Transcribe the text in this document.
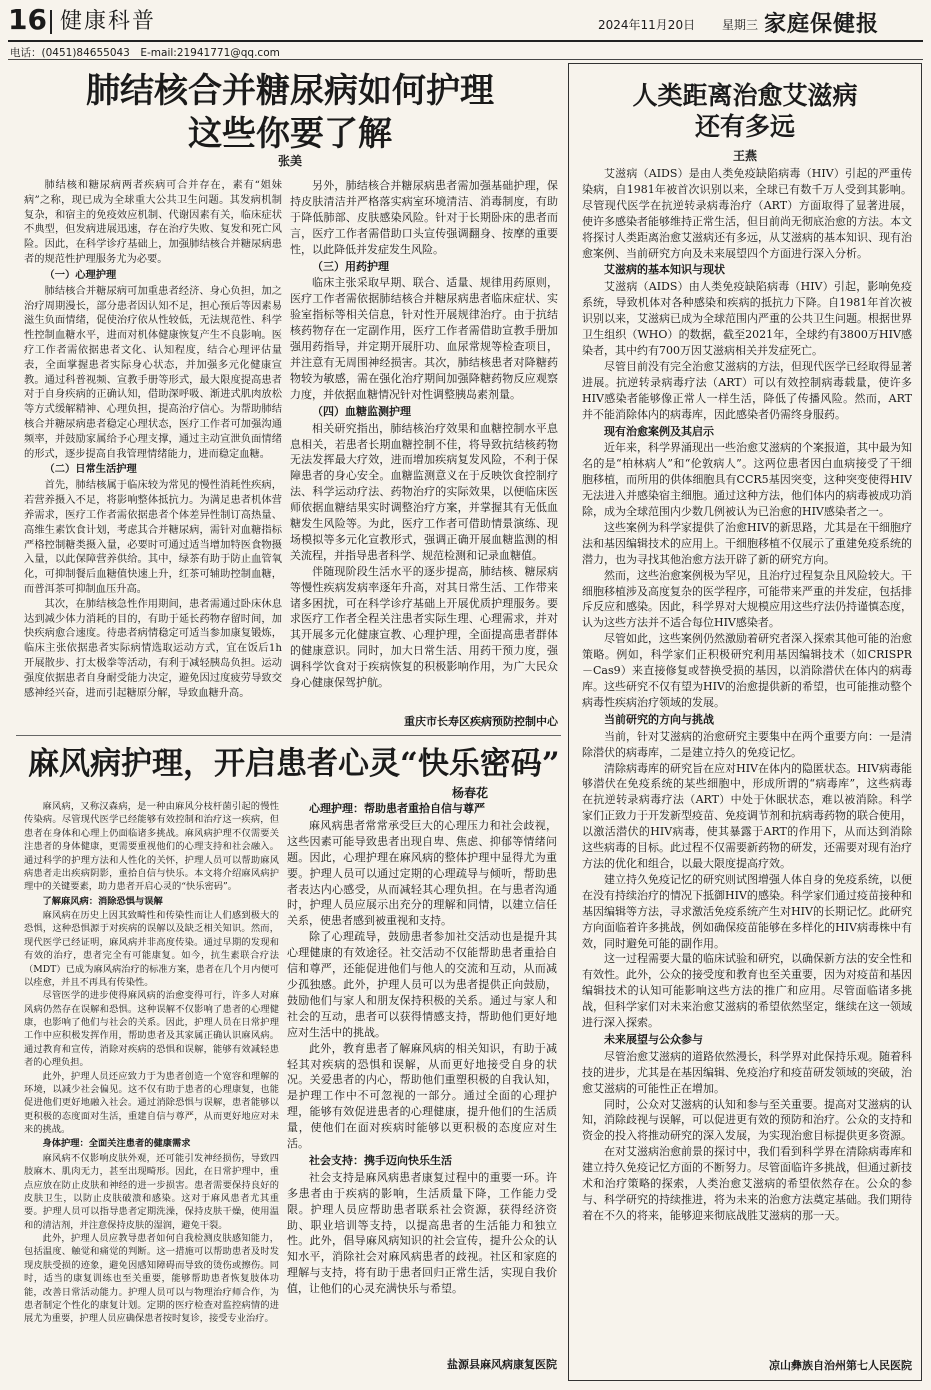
16 健康科普	2024年11月20日 星期三 家庭保健报
电话：(0451)84655043　E-mail:21941771@qq.com
肺结核合并糖尿病如何护理
这些你要了解
张美

肺结核和糖尿病两者疾病可合并存在，素有“姐妹病”之称，现已成为全球重大公共卫生问题。其发病机制复杂，和宿主的免疫效应机制、代谢因素有关，临床症状不典型，但发病进展迅速，存在治疗失败、复发和死亡风险。因此，在科学诊疗基础上，加强肺结核合并糖尿病患者的规范性护理服务尤为必要。

（一）心理护理

肺结核合并糖尿病可加重患者经济、身心负担，加之治疗周期漫长，部分患者因认知不足，担心预后等因素易滋生负面情绪，促使治疗依从性较低，无法规范性、科学性控制血糖水平，进而对机体健康恢复产生不良影响。医疗工作者需依据患者文化、认知程度，结合心理评估量表，全面掌握患者实际身心状态，并加强多元化健康宣教。通过科普视频、宣教手册等形式，最大限度提高患者对于自身疾病的正确认知，借助深呼吸、渐进式肌肉放松等方式缓解精神、心理负担，提高治疗信心。为帮助肺结核合并糖尿病患者稳定心理状态，医疗工作者可加强沟通频率，并鼓励家属给予心理支撑，通过主动宣泄负面情绪的形式，逐步提高自我管理情绪能力，进而稳定血糖。

（二）日常生活护理

首先，肺结核属于临床较为常见的慢性消耗性疾病，若营养摄入不足，将影响整体抵抗力。为满足患者机体营养需求，医疗工作者需依据患者个体差异性制订高热量、高维生素饮食计划，考虑其合并糖尿病，需针对血糖指标严格控制糖类摄入量，必要时可通过适当增加特医食物摄入量，以此保障营养供给。其中，绿茶有助于防止血管氧化，可抑制餐后血糖值快速上升，红茶可辅助控制血糖，而普洱茶可抑制血压升高。

其次，在肺结核急性作用期间，患者需通过卧床休息达到减少体力消耗的目的，有助于延长药物存留时间，加快疾病愈合速度。待患者病情稳定可适当参加康复锻炼，临床主张依据患者实际病情选取运动方式，宜在饭后1h开展散步、打太极拳等活动，有利于减轻胰岛负担。运动强度依据患者自身耐受能力决定，避免因过度疲劳导致交感神经兴奋，进而引起糖原分解，导致血糖升高。

另外，肺结核合并糖尿病患者需加强基础护理，保持皮肤清洁并严格落实病室环境清洁、消毒制度，有助于降低肺部、皮肤感染风险。针对于长期卧床的患者而言，医疗工作者需借助口头宣传强调翻身、按摩的重要性，以此降低并发症发生风险。

（三）用药护理

临床主张采取早期、联合、适量、规律用药原则，医疗工作者需依据肺结核合并糖尿病患者临床症状、实验室指标等相关信息，针对性开展规律治疗。由于抗结核药物存在一定副作用，医疗工作者需借助宣教手册加强用药指导，并定期开展肝功、血尿常规等检查项目，并注意有无周围神经损害。其次，肺结核患者对降糖药物较为敏感，需在强化治疗期间加强降糖药物反应观察力度，并依据血糖情况针对性调整胰岛素剂量。

（四）血糖监测护理

相关研究指出，肺结核治疗效果和血糖控制水平息息相关，若患者长期血糖控制不佳，将导致抗结核药物无法发挥最大疗效，进而增加疾病复发风险，不利于保障患者的身心安全。血糖监测意义在于反映饮食控制疗法、科学运动疗法、药物治疗的实际效果，以便临床医师依据血糖结果实时调整治疗方案，并掌握其有无低血糖发生风险等。为此，医疗工作者可借助情景演练、现场模拟等多元化宣教形式，强调正确开展血糖监测的相关流程，并指导患者科学、规范检测和记录血糖值。

伴随现阶段生活水平的逐步提高，肺结核、糖尿病等慢性疾病发病率逐年升高，对其日常生活、工作带来诸多困扰，可在科学诊疗基础上开展优质护理服务。要求医疗工作者全程关注患者实际生理、心理需求，并对其开展多元化健康宣教、心理护理，全面提高患者群体的健康意识。同时，加大日常生活、用药干预力度，强调科学饮食对于疾病恢复的积极影响作用，为广大民众身心健康保驾护航。

重庆市长寿区疾病预防控制中心
麻风病护理，开启患者心灵“快乐密码”
杨春花

麻风病，又称汉森病，是一种由麻风分枝杆菌引起的慢性传染病。尽管现代医学已经能够有效控制和治疗这一疾病，但患者在身体和心理上仍面临诸多挑战。麻风病护理不仅需要关注患者的身体健康，更需要重视他们的心理支持和社会融入。通过科学的护理方法和人性化的关怀，护理人员可以帮助麻风病患者走出疾病阴影，重拾自信与快乐。本文将介绍麻风病护理中的关键要素，助力患者开启心灵的“快乐密码”。

了解麻风病：消除恐惧与误解

麻风病在历史上因其致畸性和传染性而让人们感到极大的恐惧，这种恐惧源于对疾病的误解以及缺乏相关知识。然而，现代医学已经证明，麻风病并非高度传染。通过早期的发现和有效的治疗，患者完全有可能康复。如今，抗生素联合疗法（MDT）已成为麻风病治疗的标准方案，患者在几个月内便可以痊愈，并且不再具有传染性。

尽管医学的进步使得麻风病的治愈变得可行，许多人对麻风病仍然存在误解和恐惧。这种误解不仅影响了患者的心理健康，也影响了他们与社会的关系。因此，护理人员在日常护理工作中应积极发挥作用，帮助患者及其家属正确认识麻风病。通过教育和宣传，消除对疾病的恐惧和误解，能够有效减轻患者的心理负担。

此外，护理人员还应致力于为患者创造一个宽容和理解的环境，以减少社会偏见。这不仅有助于患者的心理康复，也能促进他们更好地融入社会。通过消除恐惧与误解，患者能够以更积极的态度面对生活，重建自信与尊严，从而更好地应对未来的挑战。

身体护理：全面关注患者的健康需求

麻风病不仅影响皮肤外观，还可能引发神经损伤，导致四肢麻木、肌肉无力，甚至出现畸形。因此，在日常护理中，重点应放在防止皮肤和神经的进一步损害。患者需要保持良好的皮肤卫生，以防止皮肤破溃和感染。这对于麻风患者尤其重要。护理人员可以指导患者定期洗澡，保持皮肤干燥，使用温和的清洁剂，并注意保持皮肤的湿润，避免干裂。

此外，护理人员应教导患者如何自我检测皮肤感知能力，包括温度、触觉和痛觉的判断。这一措施可以帮助患者及时发现皮肤受损的迹象，避免因感知障碍而导致的烫伤或擦伤。同时，适当的康复训练也至关重要，能够帮助患者恢复肢体功能，改善日常活动能力。护理人员可以与物理治疗师合作，为患者制定个性化的康复计划。定期的医疗检查对监控病情的进展尤为重要，护理人员应确保患者按时复诊，接受专业治疗。

心理护理：帮助患者重拾自信与尊严

麻风病患者常常承受巨大的心理压力和社会歧视，这些因素可能导致患者出现自卑、焦虑、抑郁等情绪问题。因此，心理护理在麻风病的整体护理中显得尤为重要。护理人员可以通过定期的心理疏导与倾听，帮助患者表达内心感受，从而减轻其心理负担。在与患者沟通时，护理人员应展示出充分的理解和同情，以建立信任关系，使患者感到被重视和支持。

除了心理疏导，鼓励患者参加社交活动也是提升其心理健康的有效途径。社交活动不仅能帮助患者重拾自信和尊严，还能促进他们与他人的交流和互动，从而减少孤独感。此外，护理人员可以为患者提供正向鼓励，鼓励他们与家人和朋友保持积极的关系。通过与家人和社会的互动，患者可以获得情感支持，帮助他们更好地应对生活中的挑战。

此外，教育患者了解麻风病的相关知识，有助于减轻其对疾病的恐惧和误解，从而更好地接受自身的状况。关爱患者的内心，帮助他们重塑积极的自我认知，是护理工作中不可忽视的一部分。通过全面的心理护理，能够有效促进患者的心理健康，提升他们的生活质量，使他们在面对疾病时能够以更积极的态度应对生活。

社会支持：携手迈向快乐生活

社会支持是麻风病患者康复过程中的重要一环。许多患者由于疾病的影响，生活质量下降，工作能力受限。护理人员应帮助患者联系社会资源，获得经济资助、职业培训等支持，以提高患者的生活能力和独立性。此外，倡导麻风病知识的社会宣传，提升公众的认知水平，消除社会对麻风病患者的歧视。社区和家庭的理解与支持，将有助于患者回归正常生活，实现自我价值，让他们的心灵充满快乐与希望。

盐源县麻风病康复医院
人类距离治愈艾滋病
还有多远
王燕

艾滋病（AIDS）是由人类免疫缺陷病毒（HIV）引起的严重传染病，自1981年被首次识别以来，全球已有数千万人受到其影响。尽管现代医学在抗逆转录病毒治疗（ART）方面取得了显著进展，使许多感染者能够维持正常生活，但目前尚无彻底治愈的方法。本文将探讨人类距离治愈艾滋病还有多远，从艾滋病的基本知识、现有治愈案例、当前研究方向及未来展望四个方面进行深入分析。

艾滋病的基本知识与现状

艾滋病（AIDS）由人类免疫缺陷病毒（HIV）引起，影响免疫系统，导致机体对各种感染和疾病的抵抗力下降。自1981年首次被识别以来，艾滋病已成为全球范围内严重的公共卫生问题。根据世界卫生组织（WHO）的数据，截至2021年，全球约有3800万HIV感染者，其中约有700万因艾滋病相关并发症死亡。

尽管目前没有完全治愈艾滋病的方法，但现代医学已经取得显著进展。抗逆转录病毒疗法（ART）可以有效控制病毒载量，使许多HIV感染者能够像正常人一样生活，降低了传播风险。然而，ART并不能消除体内的病毒库，因此感染者仍需终身服药。

现有治愈案例及其启示

近年来，科学界涌现出一些治愈艾滋病的个案报道，其中最为知名的是“柏林病人”和“伦敦病人”。这两位患者因白血病接受了干细胞移植，而所用的供体细胞具有CCR5基因突变，这种突变使得HIV无法进入并感染宿主细胞。通过这种方法，他们体内的病毒被成功消除，成为全球范围内少数几例被认为已治愈的HIV感染者之一。

这些案例为科学家提供了治愈HIV的新思路，尤其是在干细胞疗法和基因编辑技术的应用上。干细胞移植不仅展示了重建免疫系统的潜力，也为寻找其他治愈方法开辟了新的研究方向。

然而，这些治愈案例极为罕见，且治疗过程复杂且风险较大。干细胞移植涉及高度复杂的医学程序，可能带来严重的并发症，包括排斥反应和感染。因此，科学界对大规模应用这些疗法仍持谨慎态度，认为这些方法并不适合每位HIV感染者。

尽管如此，这些案例仍然激励着研究者深入探索其他可能的治愈策略。例如，科学家们正积极研究利用基因编辑技术（如CRISPR－Cas9）来直接修复或替换受损的基因，以消除潜伏在体内的病毒库。这些研究不仅有望为HIV的治愈提供新的希望，也可能推动整个病毒性疾病治疗领域的发展。

当前研究的方向与挑战

当前，针对艾滋病的治愈研究主要集中在两个重要方向：一是清除潜伏的病毒库，二是建立持久的免疫记忆。

清除病毒库的研究旨在应对HIV在体内的隐匿状态。HIV病毒能够潜伏在免疫系统的某些细胞中，形成所谓的“病毒库”，这些病毒在抗逆转录病毒疗法（ART）中处于休眠状态，难以被消除。科学家们正致力于开发新型疫苗、免疫调节剂和抗病毒药物的联合使用，以激活潜伏的HIV病毒，使其暴露于ART的作用下，从而达到消除这些病毒的目标。此过程不仅需要新药物的研发，还需要对现有治疗方法的优化和组合，以最大限度提高疗效。

建立持久免疫记忆的研究则试图增强人体自身的免疫系统，以便在没有持续治疗的情况下抵御HIV的感染。科学家们通过疫苗接种和基因编辑等方法，寻求激活免疫系统产生对HIV的长期记忆。此研究方向面临着许多挑战，例如确保疫苗能够在多样化的HIV病毒株中有效，同时避免可能的副作用。

这一过程需要大量的临床试验和研究，以确保新方法的安全性和有效性。此外，公众的接受度和教育也至关重要，因为对疫苗和基因编辑技术的认知可能影响这些方法的推广和应用。尽管面临诸多挑战，但科学家们对未来治愈艾滋病的希望依然坚定，继续在这一领域进行深入探索。

未来展望与公众参与

尽管治愈艾滋病的道路依然漫长，科学界对此保持乐观。随着科技的进步，尤其是在基因编辑、免疫治疗和疫苗研发领域的突破，治愈艾滋病的可能性正在增加。

同时，公众对艾滋病的认知和参与至关重要。提高对艾滋病的认知，消除歧视与误解，可以促进更有效的预防和治疗。公众的支持和资金的投入将推动研究的深入发展，为实现治愈目标提供更多资源。

在对艾滋病治愈前景的探讨中，我们看到科学界在清除病毒库和建立持久免疫记忆方面的不断努力。尽管面临许多挑战，但通过新技术和治疗策略的探索，人类治愈艾滋病的希望依然存在。公众的参与、科学研究的持续推进，将为未来的治愈方法奠定基础。我们期待着在不久的将来，能够迎来彻底战胜艾滋病的那一天。

凉山彝族自治州第七人民医院
